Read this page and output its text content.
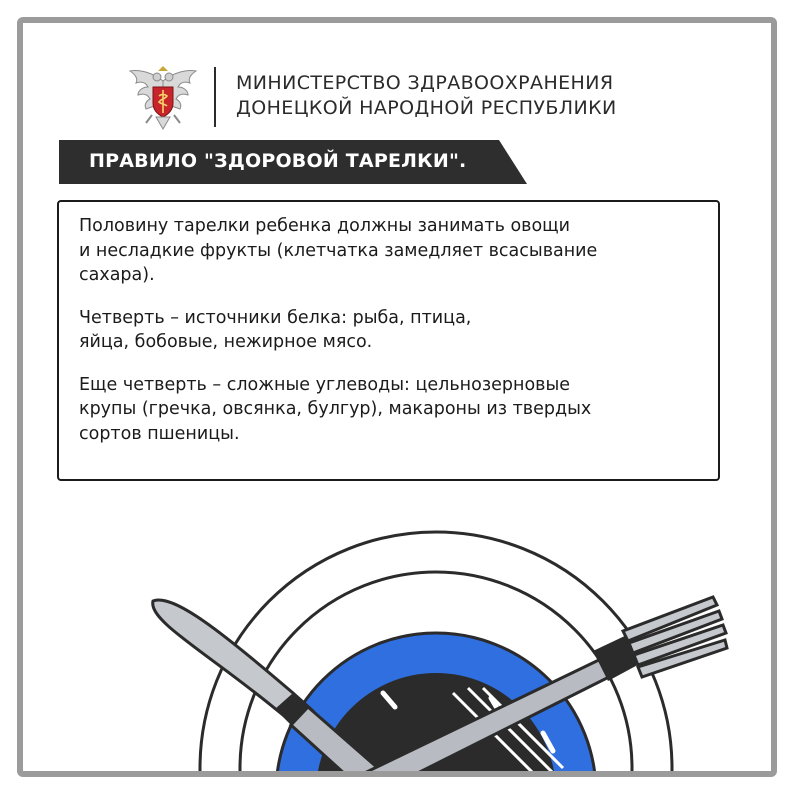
МИНИСТЕРСТВО ЗДРАВООХРАНЕНИЯ
ДОНЕЦКОЙ НАРОДНОЙ РЕСПУБЛИКИ
ПРАВИЛО "ЗДОРОВОЙ ТАРЕЛКИ".

Половину тарелки ребенка должны занимать овощи
и несладкие фрукты (клетчатка замедляет всасывание
сахара).

Четверть – источники белка: рыба, птица,
яйца, бобовые, нежирное мясо.

Еще четверть – сложные углеводы: цельнозерновые
крупы (гречка, овсянка, булгур), макароны из твердых
сортов пшеницы.
